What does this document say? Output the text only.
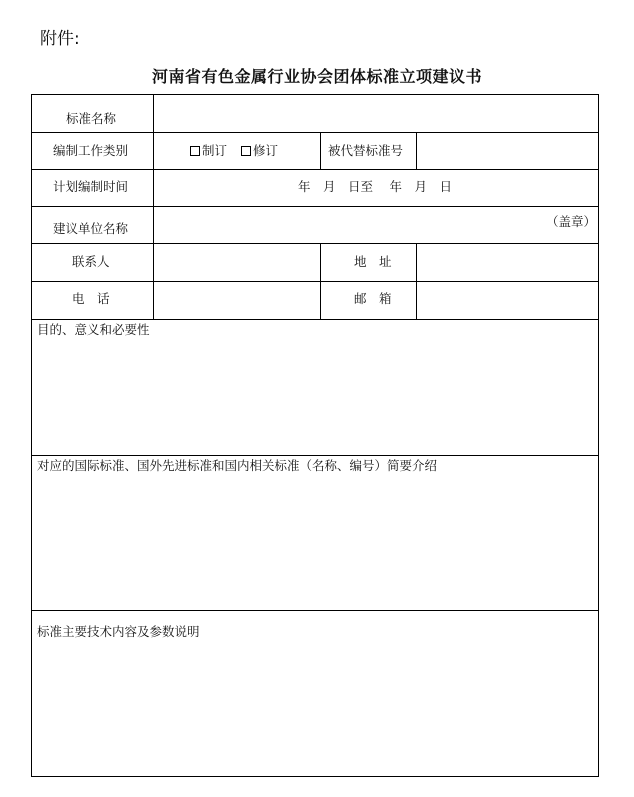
附件:
河南省有色金属行业协会团体标准立项建议书
标准名称
编制工作类别	制订 修订	被代替标准号
计划编制时间	年　月　日至　 年　月　日
建议单位名称	（盖章）
联系人	地　址
电　话	邮　箱
目的、意义和必要性
对应的国际标准、国外先进标准和国内相关标准（名称、编号）简要介绍
标准主要技术内容及参数说明
